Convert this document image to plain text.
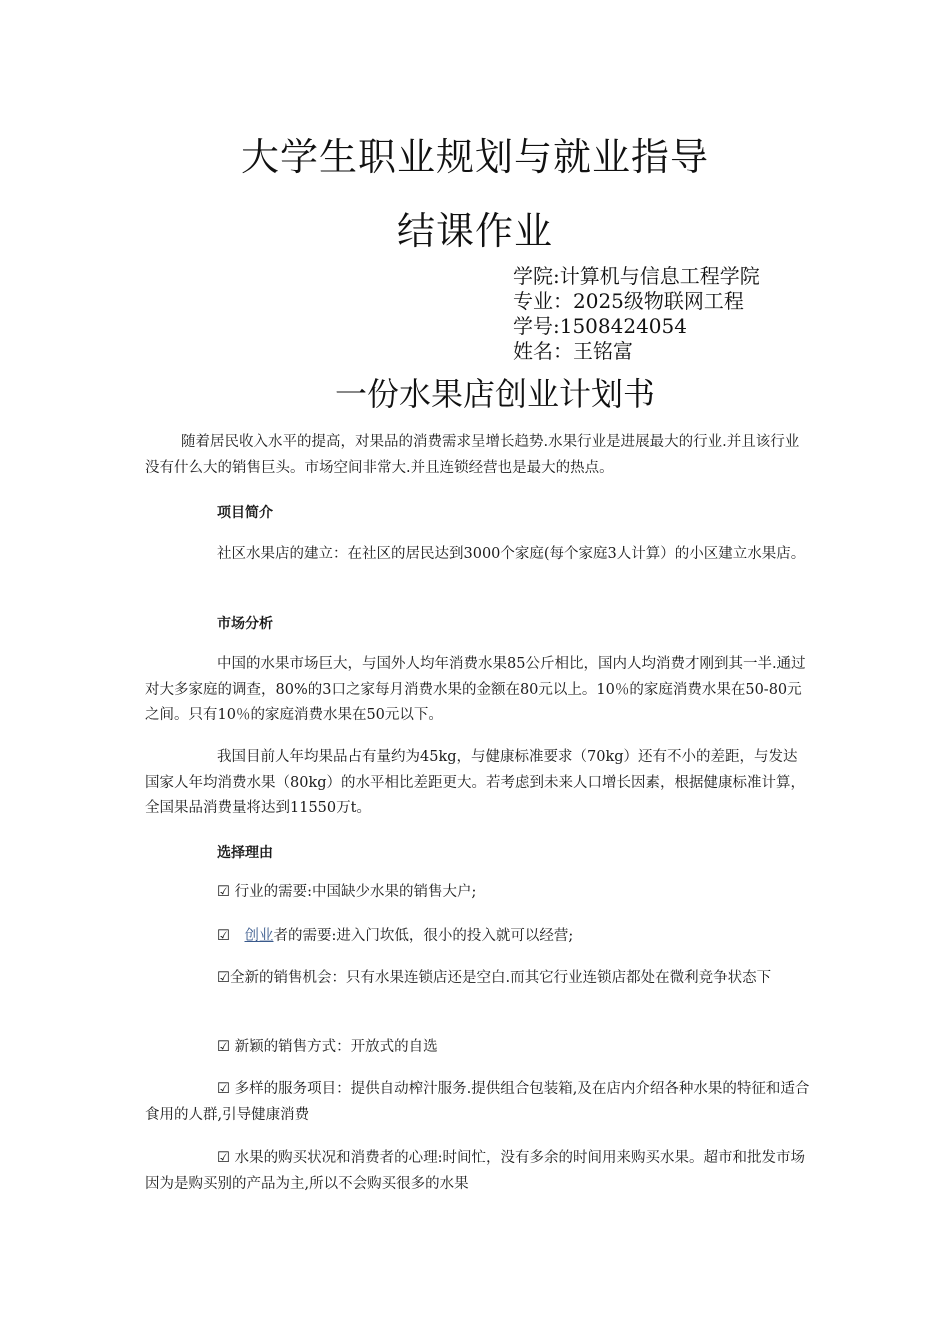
大学生职业规划与就业指导
结课作业
学院:计算机与信息工程学院
专业：2025级物联网工程
学号:1508424054
姓名：王铭富
一份水果店创业计划书

随着居民收入水平的提高，对果品的消费需求呈增长趋势.水果行业是进展最大的行业.并且该行业没有什么大的销售巨头。市场空间非常大.并且连锁经营也是最大的热点。

项目简介

社区水果店的建立：在社区的居民达到3000个家庭(每个家庭3人计算）的小区建立水果店。

市场分析

中国的水果市场巨大，与国外人均年消费水果85公斤相比，国内人均消费才刚到其一半.通过对大多家庭的调查，80%的3口之家每月消费水果的金额在80元以上。10％的家庭消费水果在50-80元之间。只有10％的家庭消费水果在50元以下。

我国目前人年均果品占有量约为45kg，与健康标准要求（70kg）还有不小的差距，与发达国家人年均消费水果（80kg）的水平相比差距更大。若考虑到未来人口增长因素，根据健康标准计算，全国果品消费量将达到11550万t。

选择理由

☑ 行业的需要:中国缺少水果的销售大户;

☑　创业者的需要:进入门坎低，很小的投入就可以经营;

☑全新的销售机会：只有水果连锁店还是空白.而其它行业连锁店都处在微利竞争状态下

☑ 新颖的销售方式：开放式的自选

☑ 多样的服务项目：提供自动榨汁服务.提供组合包装箱,及在店内介绍各种水果的特征和适合食用的人群,引导健康消费

☑ 水果的购买状况和消费者的心理:时间忙，没有多余的时间用来购买水果。超市和批发市场因为是购买别的产品为主,所以不会购买很多的水果
